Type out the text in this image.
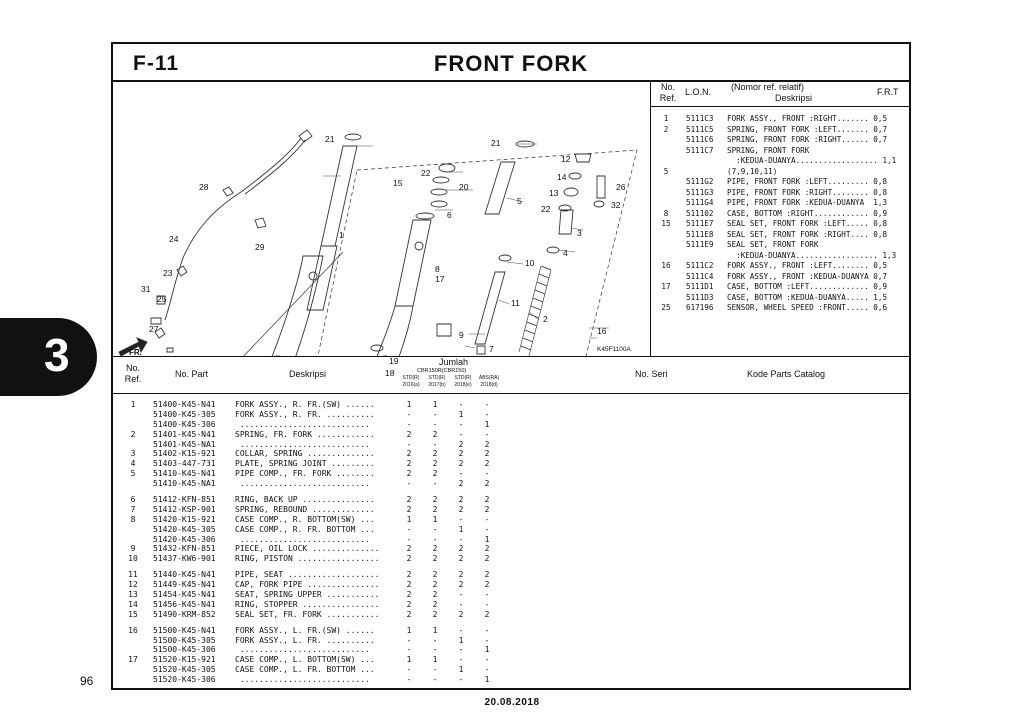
3
96
20.08.2018
F-11	FRONT FORK
21	21
12
14
13
22
26
32
22
15	20
6
5
3
4
10
8
17
11
2
16
9
7
19
18
1
28
24
29
23
31
25
27
FR.	K45F1100A
No.
Ref.
L.O.N. (Nomor ref. relatif)
Deskripsi
F.R.T
1	5111C3 FORK ASSY., FRONT :RIGHT....... 0,5
2	5111C5 SPRING, FRONT FORK :LEFT....... 0,7
5111C6 SPRING, FRONT FORK :RIGHT...... 0,7
5111C7 SPRING, FRONT FORK
:KEDUA-DUANYA.................. 1,1
5	(7,9,10,11)
5111G2 PIPE, FRONT FORK :LEFT......... 0,8
5111G3 PIPE, FRONT FORK :RIGHT........ 0,8
5111G4 PIPE, FRONT FORK :KEDUA-DUANYA  1,3
8	511102 CASE, BOTTOM :RIGHT............ 0,9
15	5111E7 SEAL SET, FRONT FORK :LEFT..... 0,8
5111E8 SEAL SET, FRONT FORK :RIGHT.... 0,8
5111E9 SEAL SET, FRONT FORK
:KEDUA-DUANYA.................. 1,3
16	5111C2 FORK ASSY., FRONT :LEFT........ 0,5
5111C4 FORK ASSY., FRONT :KEDUA-DUANYA 0,7
17	5111D1 CASE, BOTTOM :LEFT............. 0,9
5111D3 CASE, BOTTOM :KEDUA-DUANYA..... 1,5
25	617196 SENSOR, WHEEL SPEED :FRONT..... 0,6
No.
Ref.	No. Part	Deskripsi
Jumlah
CBR150R(CBR150)
STD(R)
2016(a)
STD(R)
2017(b)
STD(R)
2018(e)
ABS(RA)
2018(d)
No. Seri	Kode Parts Catalog
1	51400-K45-N41 FORK ASSY., R. FR.(SW) ......	1	1	-	-
51400-K45-305 FORK ASSY., R. FR. ..........	-	-	1	-
51400-K45-306 ...........................	-	-	-	1
2	51401-K45-N41 SPRING, FR. FORK ............	2	2	-	-
51401-K45-NA1 ...........................	-	-	2	2
3	51402-K15-921 COLLAR, SPRING ..............	2	2	2	2
4	51403-447-731 PLATE, SPRING JOINT .........	2	2	2	2
5	51410-K45-N41 PIPE COMP., FR. FORK ........	2	2	-	-
51410-K45-NA1 ...........................	-	-	2	2
6	51412-KFN-851 RING, BACK UP ...............	2	2	2	2
7	51412-KSP-901 SPRING, REBOUND .............	2	2	2	2
8	51420-K15-921 CASE COMP., R. BOTTOM(SW) ...	1	1	-	-
51420-K45-305 CASE COMP., R. FR. BOTTOM ...	-	-	1	-
51420-K45-306 ...........................	-	-	-	1
9	51432-KFN-851 PIECE, OIL LOCK ..............	2	2	2	2
10	51437-KW6-901 RING, PISTON .................	2	2	2	2
11	51440-K45-N41 PIPE, SEAT ...................	2	2	2	2
12	51449-K45-N41 CAP, FORK PIPE ...............	2	2	2	2
13	51454-K45-N41 SEAT, SPRING UPPER ...........	2	2	-	-
14	51456-K45-N41 RING, STOPPER ................	2	2	-	-
15	51490-KRM-852 SEAL SET, FR. FORK ...........	2	2	2	2
16	51500-K45-N41 FORK ASSY., L. FR.(SW) ......	1	1	-	-
51500-K45-305 FORK ASSY., L. FR. ..........	-	-	1	-
51500-K45-306 ...........................	-	-	-	1
17	51520-K15-921 CASE COMP., L. BOTTOM(SW) ...	1	1	-	-
51520-K45-305 CASE COMP., L. FR. BOTTOM ...	-	-	1	-
51520-K45-306 ...........................	-	-	-	1
